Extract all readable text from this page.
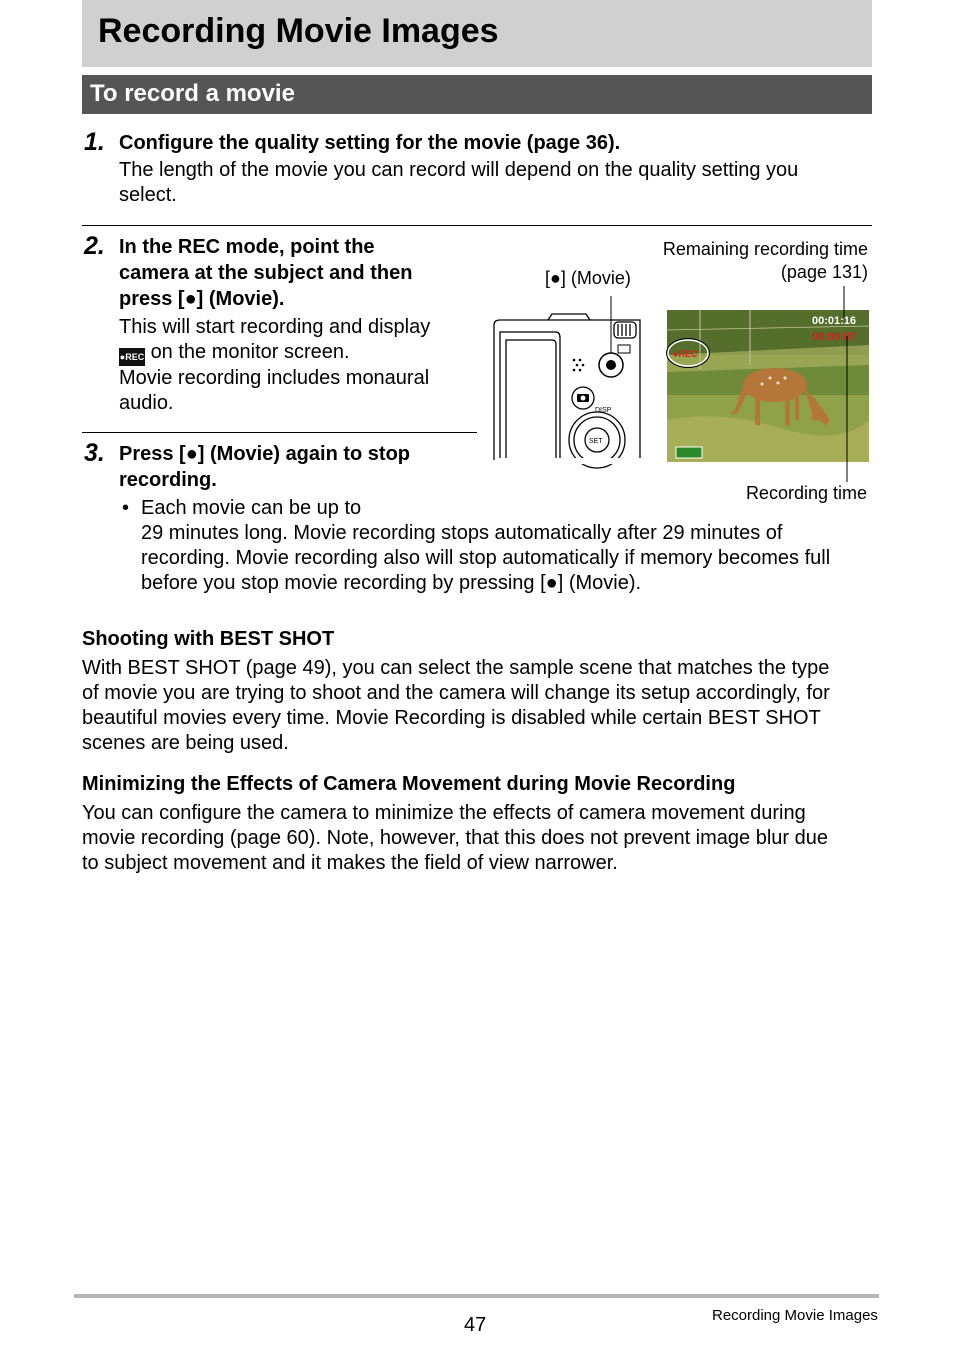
Recording Movie Images
To record a movie
1. Configure the quality setting for the movie (page 36).
The length of the movie you can record will depend on the quality setting you
select.
2. In the REC mode, point the
camera at the subject and then
press [●] (Movie).
This will start recording and display
●REC on the monitor screen.
Movie recording includes monaural
audio.
3. Press [●] (Movie) again to stop
recording.
• Each movie can be up to
29 minutes long. Movie recording stops automatically after 29 minutes of
recording. Movie recording also will stop automatically if memory becomes full
before you stop movie recording by pressing [●] (Movie).
[●] (Movie)
Remaining recording time
(page 131)
Recording time
DISP
SET
●REC
00:01:16
00:00:07
Shooting with BEST SHOT
With BEST SHOT (page 49), you can select the sample scene that matches the type
of movie you are trying to shoot and the camera will change its setup accordingly, for
beautiful movies every time. Movie Recording is disabled while certain BEST SHOT
scenes are being used.
Minimizing the Effects of Camera Movement during Movie Recording
You can configure the camera to minimize the effects of camera movement during
movie recording (page 60). Note, however, that this does not prevent image blur due
to subject movement and it makes the field of view narrower.
47	Recording Movie Images
